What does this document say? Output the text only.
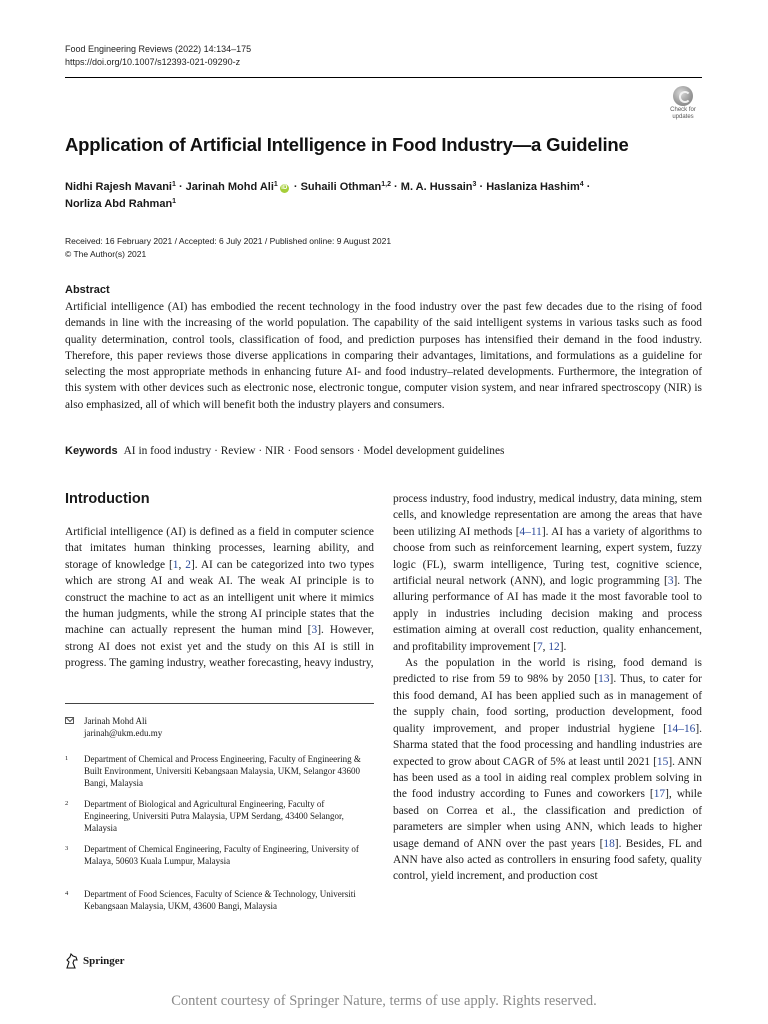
Food Engineering Reviews (2022) 14:134–175
https://doi.org/10.1007/s12393-021-09290-z
Check for
updates
Application of Artificial Intelligence in Food Industry—a Guideline
Nidhi Rajesh Mavani$^1$ · Jarinah Mohd Ali$^1$ iD · Suhaili Othman$^{1,2}$ · M. A. Hussain$^3$ · Haslaniza Hashim$^4$ ·
Norliza Abd Rahman$^1$
Received: 16 February 2021 / Accepted: 6 July 2021 / Published online: 9 August 2021
© The Author(s) 2021
Abstract
Artificial intelligence (AI) has embodied the recent technology in the food industry over the past few decades due to the rising of food demands in line with the increasing of the world population. The capability of the said intelligent systems in various tasks such as food quality determination, control tools, classification of food, and prediction purposes has intensified their demand in the food industry. Therefore, this paper reviews those diverse applications in comparing their advantages, limitations, and formulations as a guideline for selecting the most appropriate methods in enhancing future AI- and food industry–related developments. Furthermore, the integration of this system with other devices such as electronic nose, electronic tongue, computer vision system, and near infrared spectroscopy (NIR) is also emphasized, all of which will benefit both the industry players and consumers.
Keywords AI in food industry · Review · NIR · Food sensors · Model development guidelines
Introduction

Artificial intelligence (AI) is defined as a field in computer science that imitates human thinking processes, learning ability, and storage of knowledge [1, 2]. AI can be categorized into two types which are strong AI and weak AI. The weak AI principle is to construct the machine to act as an intelligent unit where it mimics the human judgments, while the strong AI principle states that the machine can actually represent the human mind [3]. However, strong AI does not exist yet and the study on this AI is still in progress. The gaming industry, weather forecasting, heavy industry,

process industry, food industry, medical industry, data mining, stem cells, and knowledge representation are among the areas that have been utilizing AI methods [4–11]. AI has a variety of algorithms to choose from such as reinforcement learning, expert system, fuzzy logic (FL), swarm intelligence, Turing test, cognitive science, artificial neural network (ANN), and logic programming [3]. The alluring performance of AI has made it the most favorable tool to apply in industries including decision making and process estimation aiming at overall cost reduction, quality enhancement, and profitability improvement [7, 12].

As the population in the world is rising, food demand is predicted to rise from 59 to 98% by 2050 [13]. Thus, to cater for this food demand, AI has been applied such as in management of the supply chain, food sorting, production development, food quality improvement, and proper industrial hygiene [14–16]. Sharma stated that the food processing and handling industries are expected to grow about CAGR of 5% at least until 2021 [15]. ANN has been used as a tool in aiding real complex problem solving in the food industry according to Funes and coworkers [17], while based on Correa et al., the classification and prediction of parameters are simpler when using ANN, which leads to higher usage demand of ANN over the past years [18]. Besides, FL and ANN have also acted as controllers in ensuring food safety, quality control, yield increment, and production cost

Jarinah Mohd Ali
jarinah@ukm.edu.my
1 Department of Chemical and Process Engineering, Faculty of Engineering & Built Environment, Universiti Kebangsaan Malaysia, UKM, Selangor 43600 Bangi, Malaysia
2 Department of Biological and Agricultural Engineering, Faculty of Engineering, Universiti Putra Malaysia, UPM Serdang, 43400 Selangor, Malaysia
3 Department of Chemical Engineering, Faculty of Engineering, University of Malaya, 50603 Kuala Lumpur, Malaysia
4 Department of Food Sciences, Faculty of Science & Technology, Universiti Kebangsaan Malaysia, UKM, 43600 Bangi, Malaysia
Springer
Content courtesy of Springer Nature, terms of use apply. Rights reserved.
